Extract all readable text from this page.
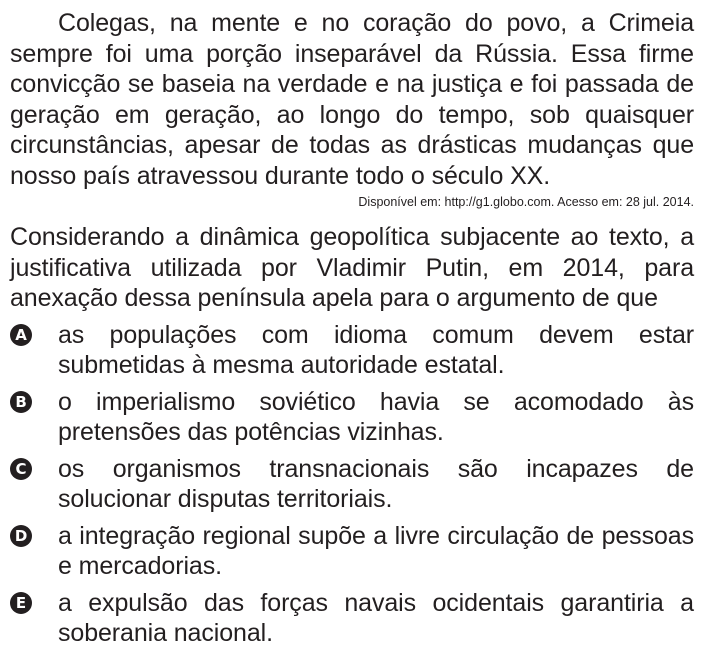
Colegas, na mente e no coração do povo, a Crimeia sempre foi uma porção inseparável da Rússia. Essa firme convicção se baseia na verdade e na justiça e foi passada de geração em geração, ao longo do tempo, sob quaisquer circunstâncias, apesar de todas as drásticas mudanças que nosso país atravessou durante todo o século XX.

Disponível em: http://g1.globo.com. Acesso em: 28 jul. 2014.

Considerando a dinâmica geopolítica subjacente ao texto, a justificativa utilizada por Vladimir Putin, em 2014, para anexação dessa península apela para o argumento de que

A as populações com idioma comum devem estar submetidas à mesma autoridade estatal.
B o imperialismo soviético havia se acomodado às pretensões das potências vizinhas.
C os organismos transnacionais são incapazes de solucionar disputas territoriais.
D a integração regional supõe a livre circulação de pessoas e mercadorias.
E a expulsão das forças navais ocidentais garantiria a soberania nacional.
